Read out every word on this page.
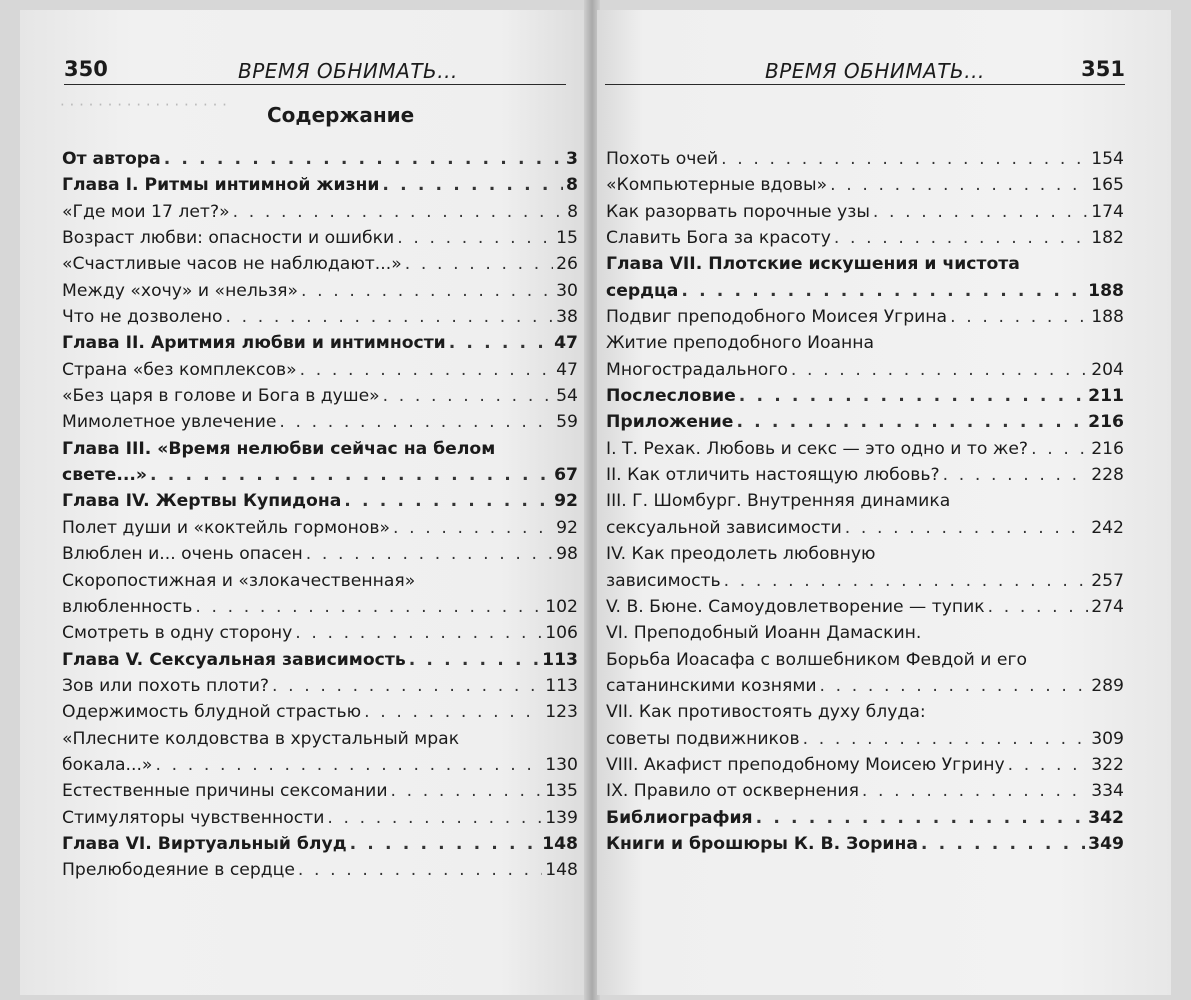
· · · · · · · · · · · · · · · · · ·
350	ВРЕМЯ ОБНИМАТЬ...
Содержание
От автора . . .	3
Глава I. Ритмы интимной жизни . . .	8
«Где мои 17 лет?» . . .	8
Возраст любви: опасности и ошибки . . .	15
«Счастливые часов не наблюдают...» . . .	26
Между «хочу» и «нельзя» . . .	30
Что не дозволено . . .	38
Глава II. Аритмия любви и интимности . . .	47
Страна «без комплексов» . . .	47
«Без царя в голове и Бога в душе» . . .	54
Мимолетное увлечение . . .	59
Глава III. «Время нелюбви сейчас на белом
свете...» . . .	67
Глава IV. Жертвы Купидона . . .	92
Полет души и «коктейль гормонов» . . .	92
Влюблен и... очень опасен . . .	98
Скоропостижная и «злокачественная»
влюбленность . . .	102
Смотреть в одну сторону . . .	106
Глава V. Сексуальная зависимость . . .	113
Зов или похоть плоти? . . .	113
Одержимость блудной страстью . . .	123
«Плесните колдовства в хрустальный мрак
бокала...» . . .	130
Естественные причины сексомании . . .	135
Стимуляторы чувственности . . .	139
Глава VI. Виртуальный блуд . . .	148
Прелюбодеяние в сердце . . .	148
ВРЕМЯ ОБНИМАТЬ...	351
Похоть очей . . .	154
«Компьютерные вдовы» . . .	165
Как разорвать порочные узы . . .	174
Славить Бога за красоту . . .	182
Глава VII. Плотские искушения и чистота
сердца . . .	188
Подвиг преподобного Моисея Угрина . . .	188
Житие преподобного Иоанна
Многострадального . . .	204
Послесловие . . .	211
Приложение . . .	216
I. Т. Рехак. Любовь и секс — это одно и то же? . . .	216
II. Как отличить настоящую любовь? . . .	228
III. Г. Шомбург. Внутренняя динамика
сексуальной зависимости . . .	242
IV. Как преодолеть любовную
зависимость . . .	257
V. В. Бюне. Самоудовлетворение — тупик . . .	274
VI. Преподобный Иоанн Дамаскин.
Борьба Иоасафа с волшебником Февдой и его
сатанинскими кознями . . .	289
VII. Как противостоять духу блуда:
советы подвижников . . .	309
VIII. Акафист преподобному Моисею Угрину . . .	322
IX. Правило от осквернения . . .	334
Библиография . . .	342
Книги и брошюры К. В. Зорина . . .	349
